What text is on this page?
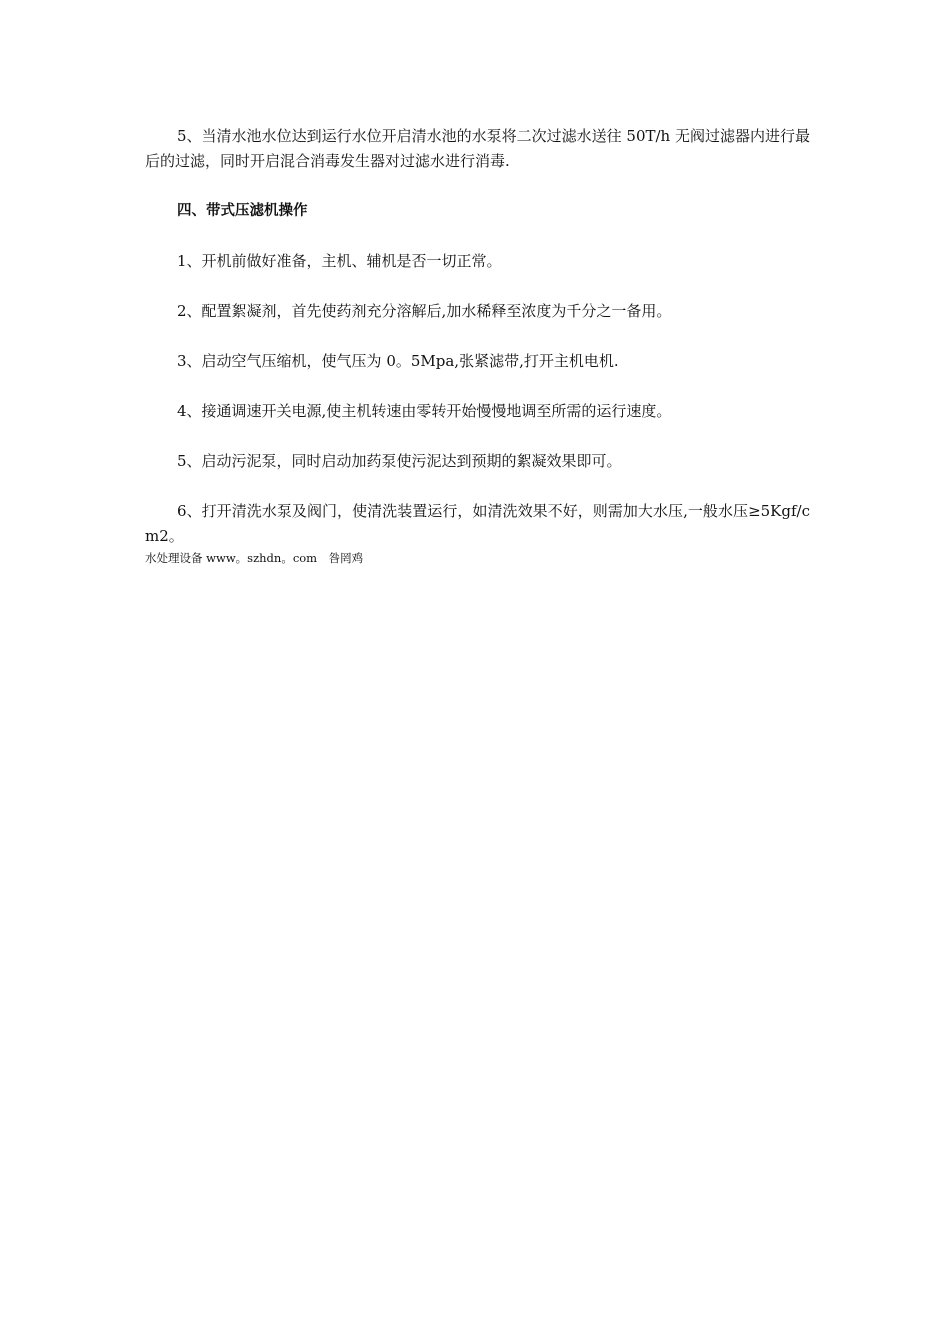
5、当清水池水位达到运行水位开启清水池的水泵将二次过滤水送往 50T/h 无阀过滤器内进行最后的过滤，同时开启混合消毒发生器对过滤水进行消毒.

四、带式压滤机操作

1、开机前做好准备，主机、辅机是否一切正常。

2、配置絮凝剂，首先使药剂充分溶解后,加水稀释至浓度为千分之一备用。

3、启动空气压缩机，使气压为 0。5Mpa,张紧滤带,打开主机电机.

4、接通调速开关电源,使主机转速由零转开始慢慢地调至所需的运行速度。

5、启动污泥泵，同时启动加药泵使污泥达到预期的絮凝效果即可。

6、打开清洗水泵及阀门，使清洗装置运行，如清洗效果不好，则需加大水压,一般水压≥5Kgf/cm2。

水处理设备 www。szhdn。com　咎罔鸡
